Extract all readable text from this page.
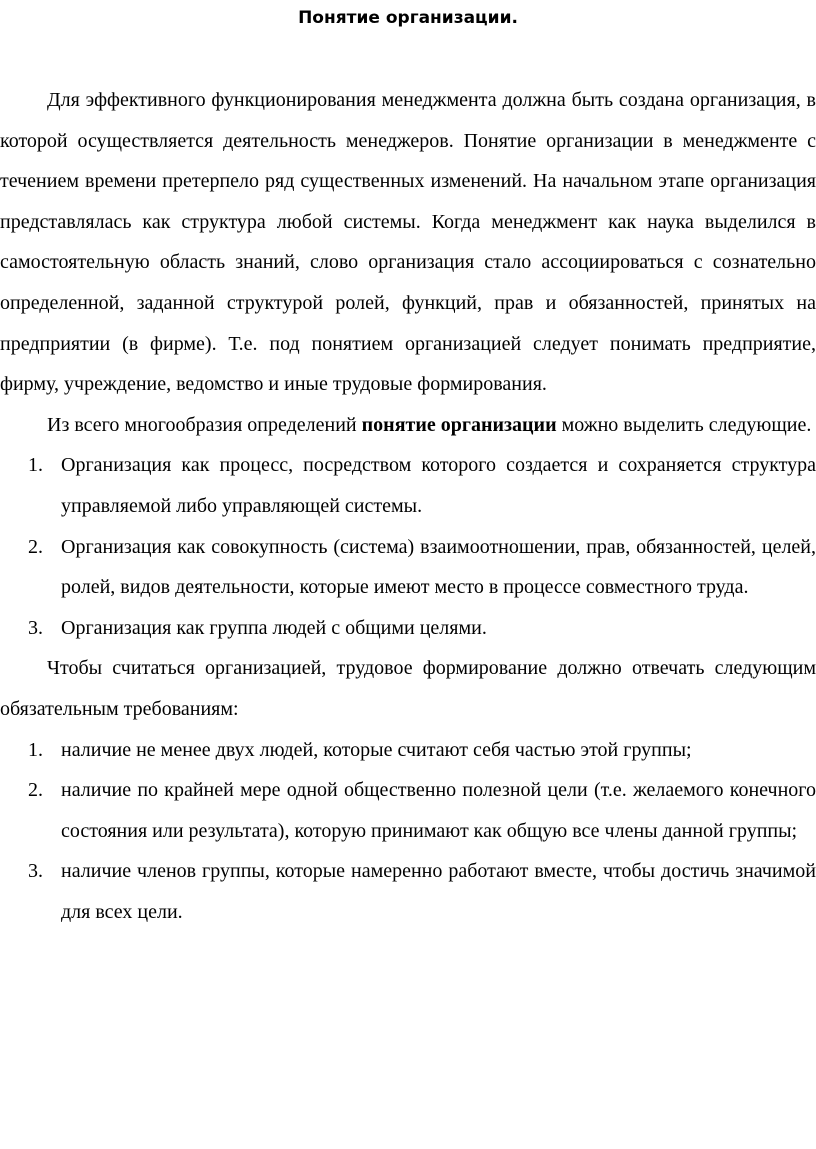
Понятие организации.

Для эффективного функционирования менеджмента должна быть создана организация, в которой осуществляется деятельность менеджеров. Понятие организации в менеджменте с течением времени претерпело ряд существенных изменений. На начальном этапе организация представлялась как структура любой системы. Когда менеджмент как наука выделился в самостоятельную область знаний, слово организация стало ассоциироваться с сознательно определенной, заданной структурой ролей, функций, прав и обязанностей, принятых на предприятии (в фирме). Т.е. под понятием организацией следует понимать предприятие, фирму, учреждение, ведомство и иные трудовые формирования.

Из всего многообразия определений понятие организации можно выделить следующие.

1. Организация как процесс, посредством которого создается и сохраняется структура управляемой либо управляющей системы.
2. Организация как совокупность (система) взаимоотношении, прав, обязанностей, целей, ролей, видов деятельности, которые имеют место в процессе совместного труда.
3. Организация как группа людей с общими целями.

Чтобы считаться организацией, трудовое формирование должно отвечать следующим обязательным требованиям:

1. наличие не менее двух людей, которые считают себя частью этой группы;
2. наличие по крайней мере одной общественно полезной цели (т.е. желаемого конечного состояния или результата), которую принимают как общую все члены данной группы;
3. наличие членов группы, которые намеренно работают вместе, чтобы достичь значимой для всех цели.
